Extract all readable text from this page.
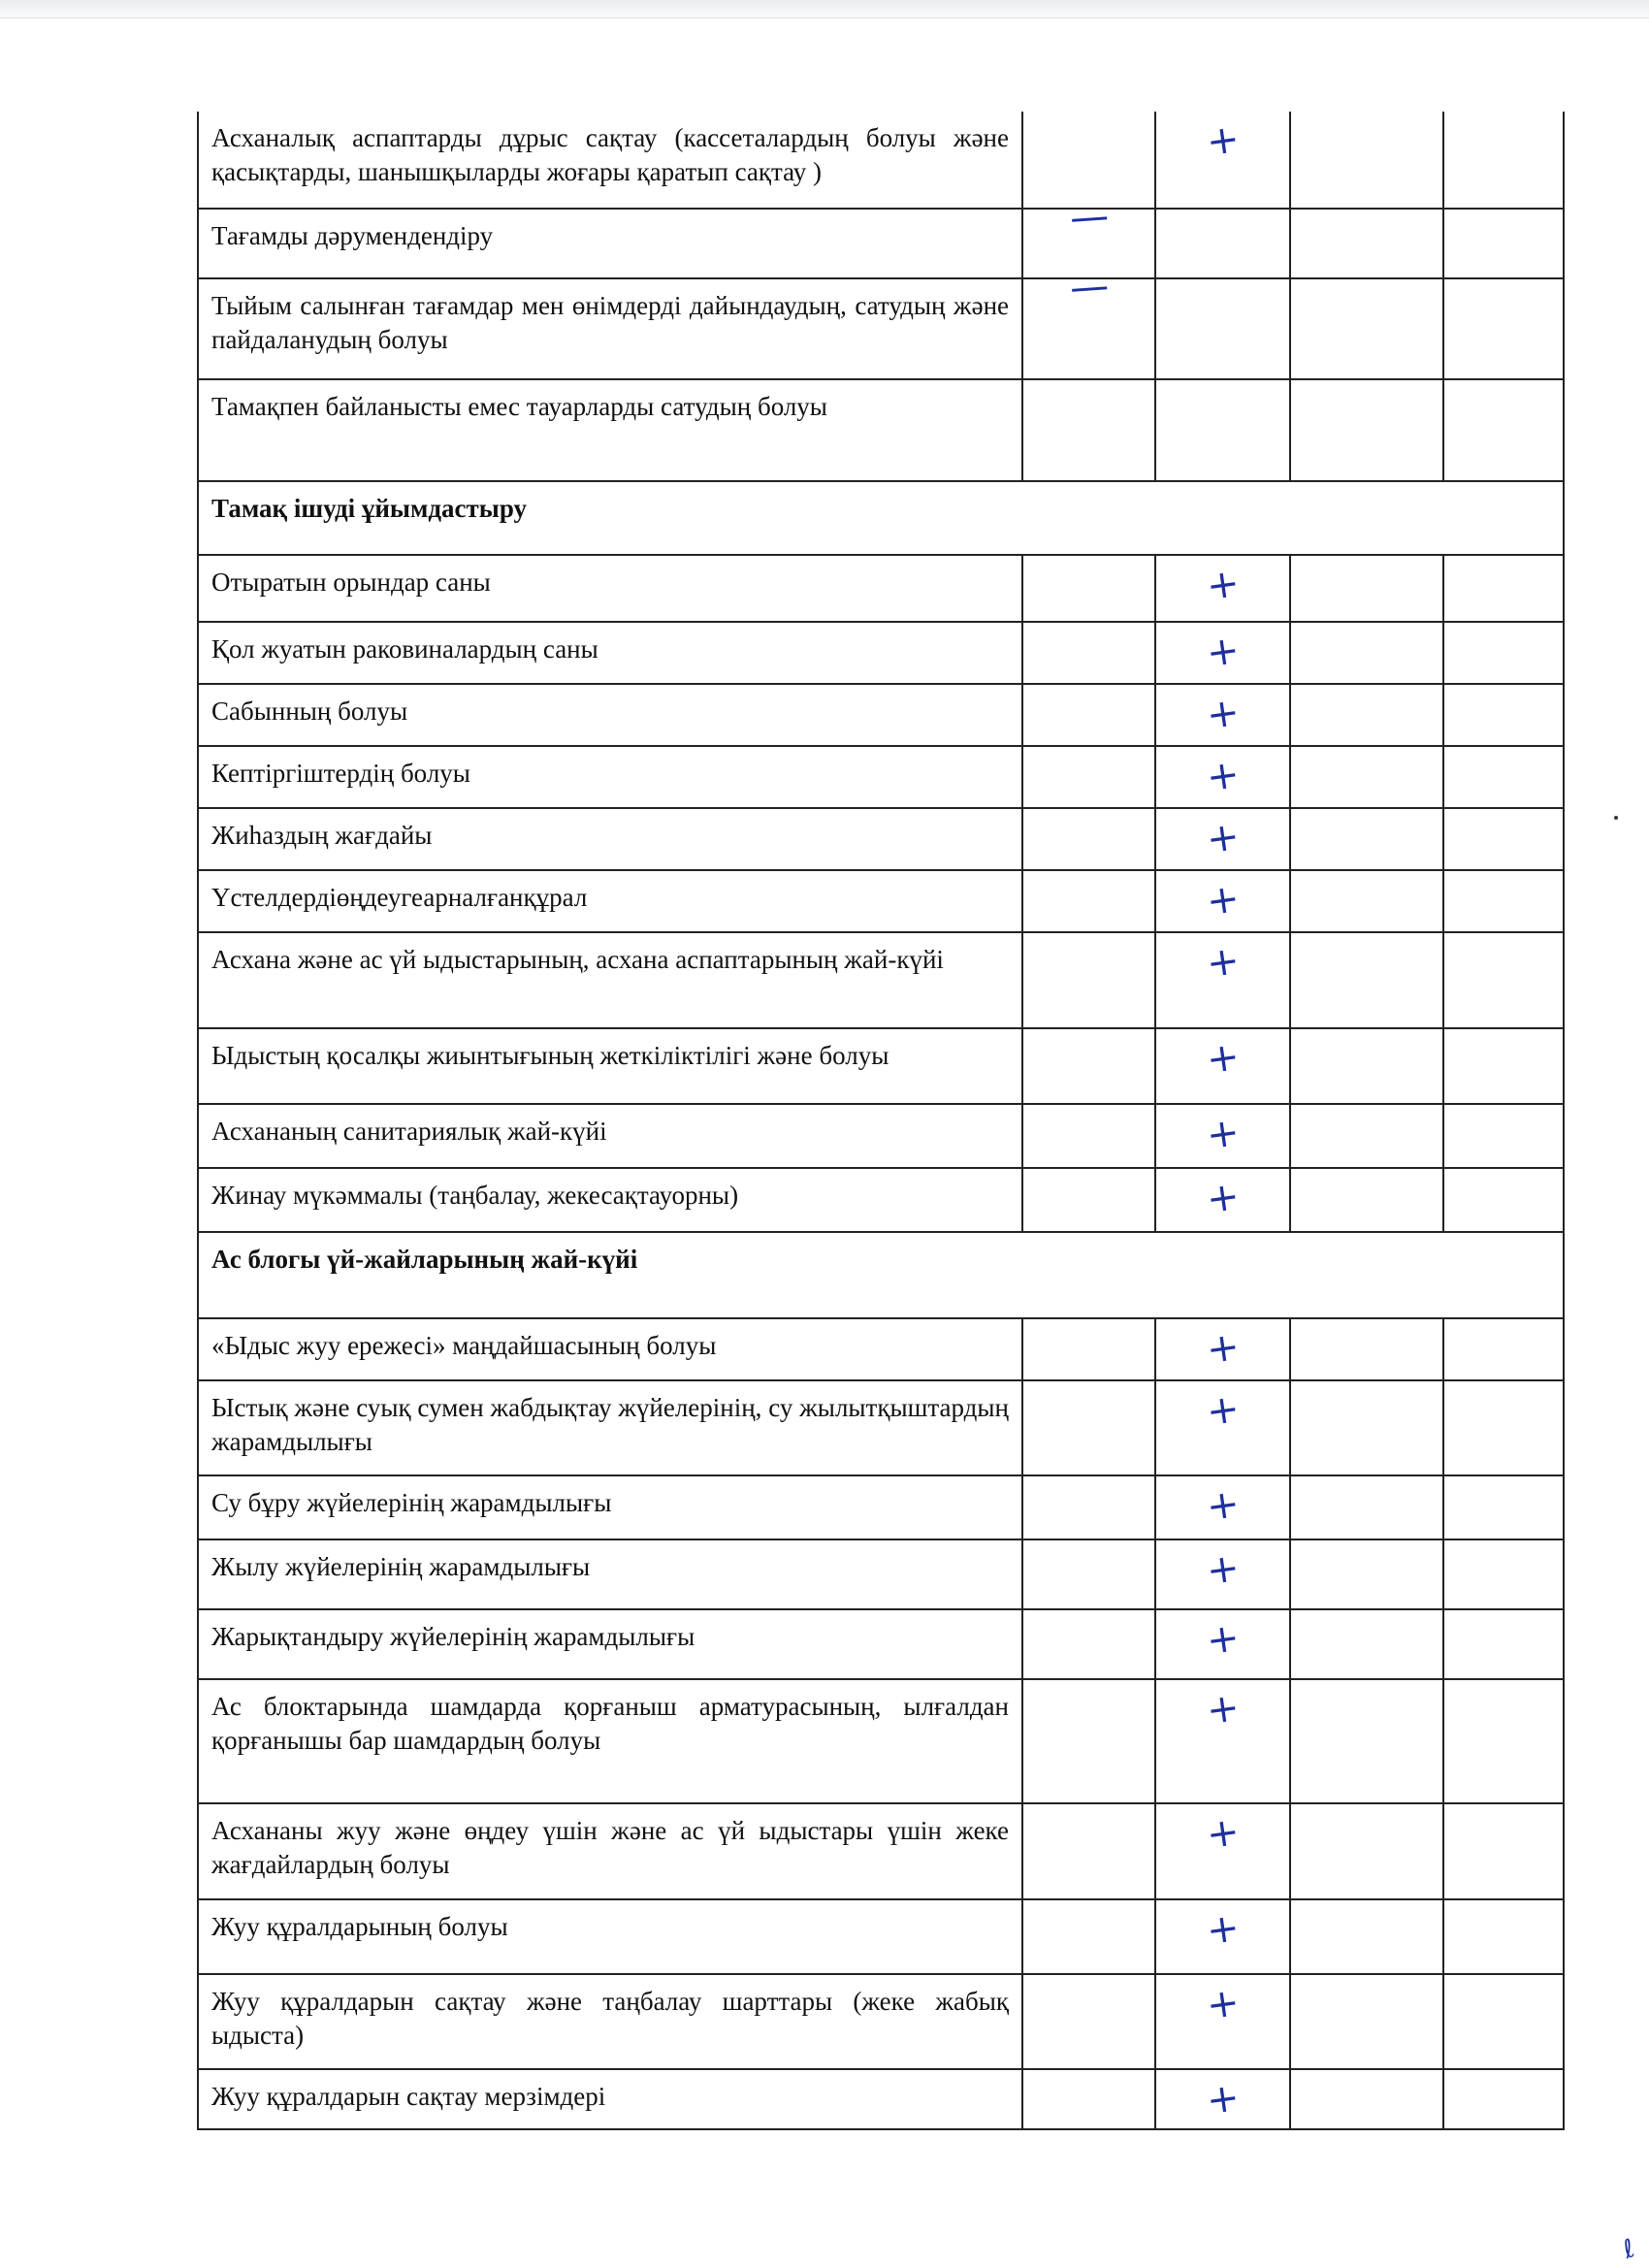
Асханалық аспаптарды дұрыс сақтау (кассеталардың болуы және қасықтарды, шанышқыларды жоғары қаратып сақтау )		+		
Тағамды дәрумендендіру	—			
Тыйым салынған тағамдар мен өнімдерді дайындаудың, сатудың және пайдаланудың болуы	—			
Тамақпен байланысты емес тауарларды сатудың болуы				
Тамақ ішуді ұйымдастыру				
Отыратын орындар саны		+		
Қол жуатын раковиналардың саны		+		
Сабынның болуы		+		
Кептіргіштердің болуы		+		
Жиһаздың жағдайы		+		
Үстелдердіөңдеугеарналғанқұрал		+		
Асхана және ас үй ыдыстарының, асхана аспаптарының жай-күйі		+		
Ыдыстың қосалқы жиынтығының жеткіліктілігі және болуы		+		
Асхананың санитариялық жай-күйі		+		
Жинау мүкәммалы (таңбалау, жекесақтауорны)		+		
Ас блогы үй-жайларының жай-күйі				
«Ыдыс жуу ережесі» маңдайшасының болуы		+		
Ыстық және суық сумен жабдықтау жүйелерінің, су жылытқыштардың жарамдылығы		+		
Су бұру жүйелерінің жарамдылығы		+		
Жылу жүйелерінің жарамдылығы		+		
Жарықтандыру жүйелерінің жарамдылығы		+		
Ас блоктарында шамдарда қорғаныш арматурасының, ылғалдан қорғанышы бар шамдардың болуы		+		
Асхананы жуу және өңдеу үшін және ас үй ыдыстары үшін жеке жағдайлардың болуы		+		
Жуу құралдарының болуы		+		
Жуу құралдарын сақтау және таңбалау шарттары (жеке жабық ыдыста)		+		
Жуу құралдарын сақтау мерзімдері		+		
ℓ
